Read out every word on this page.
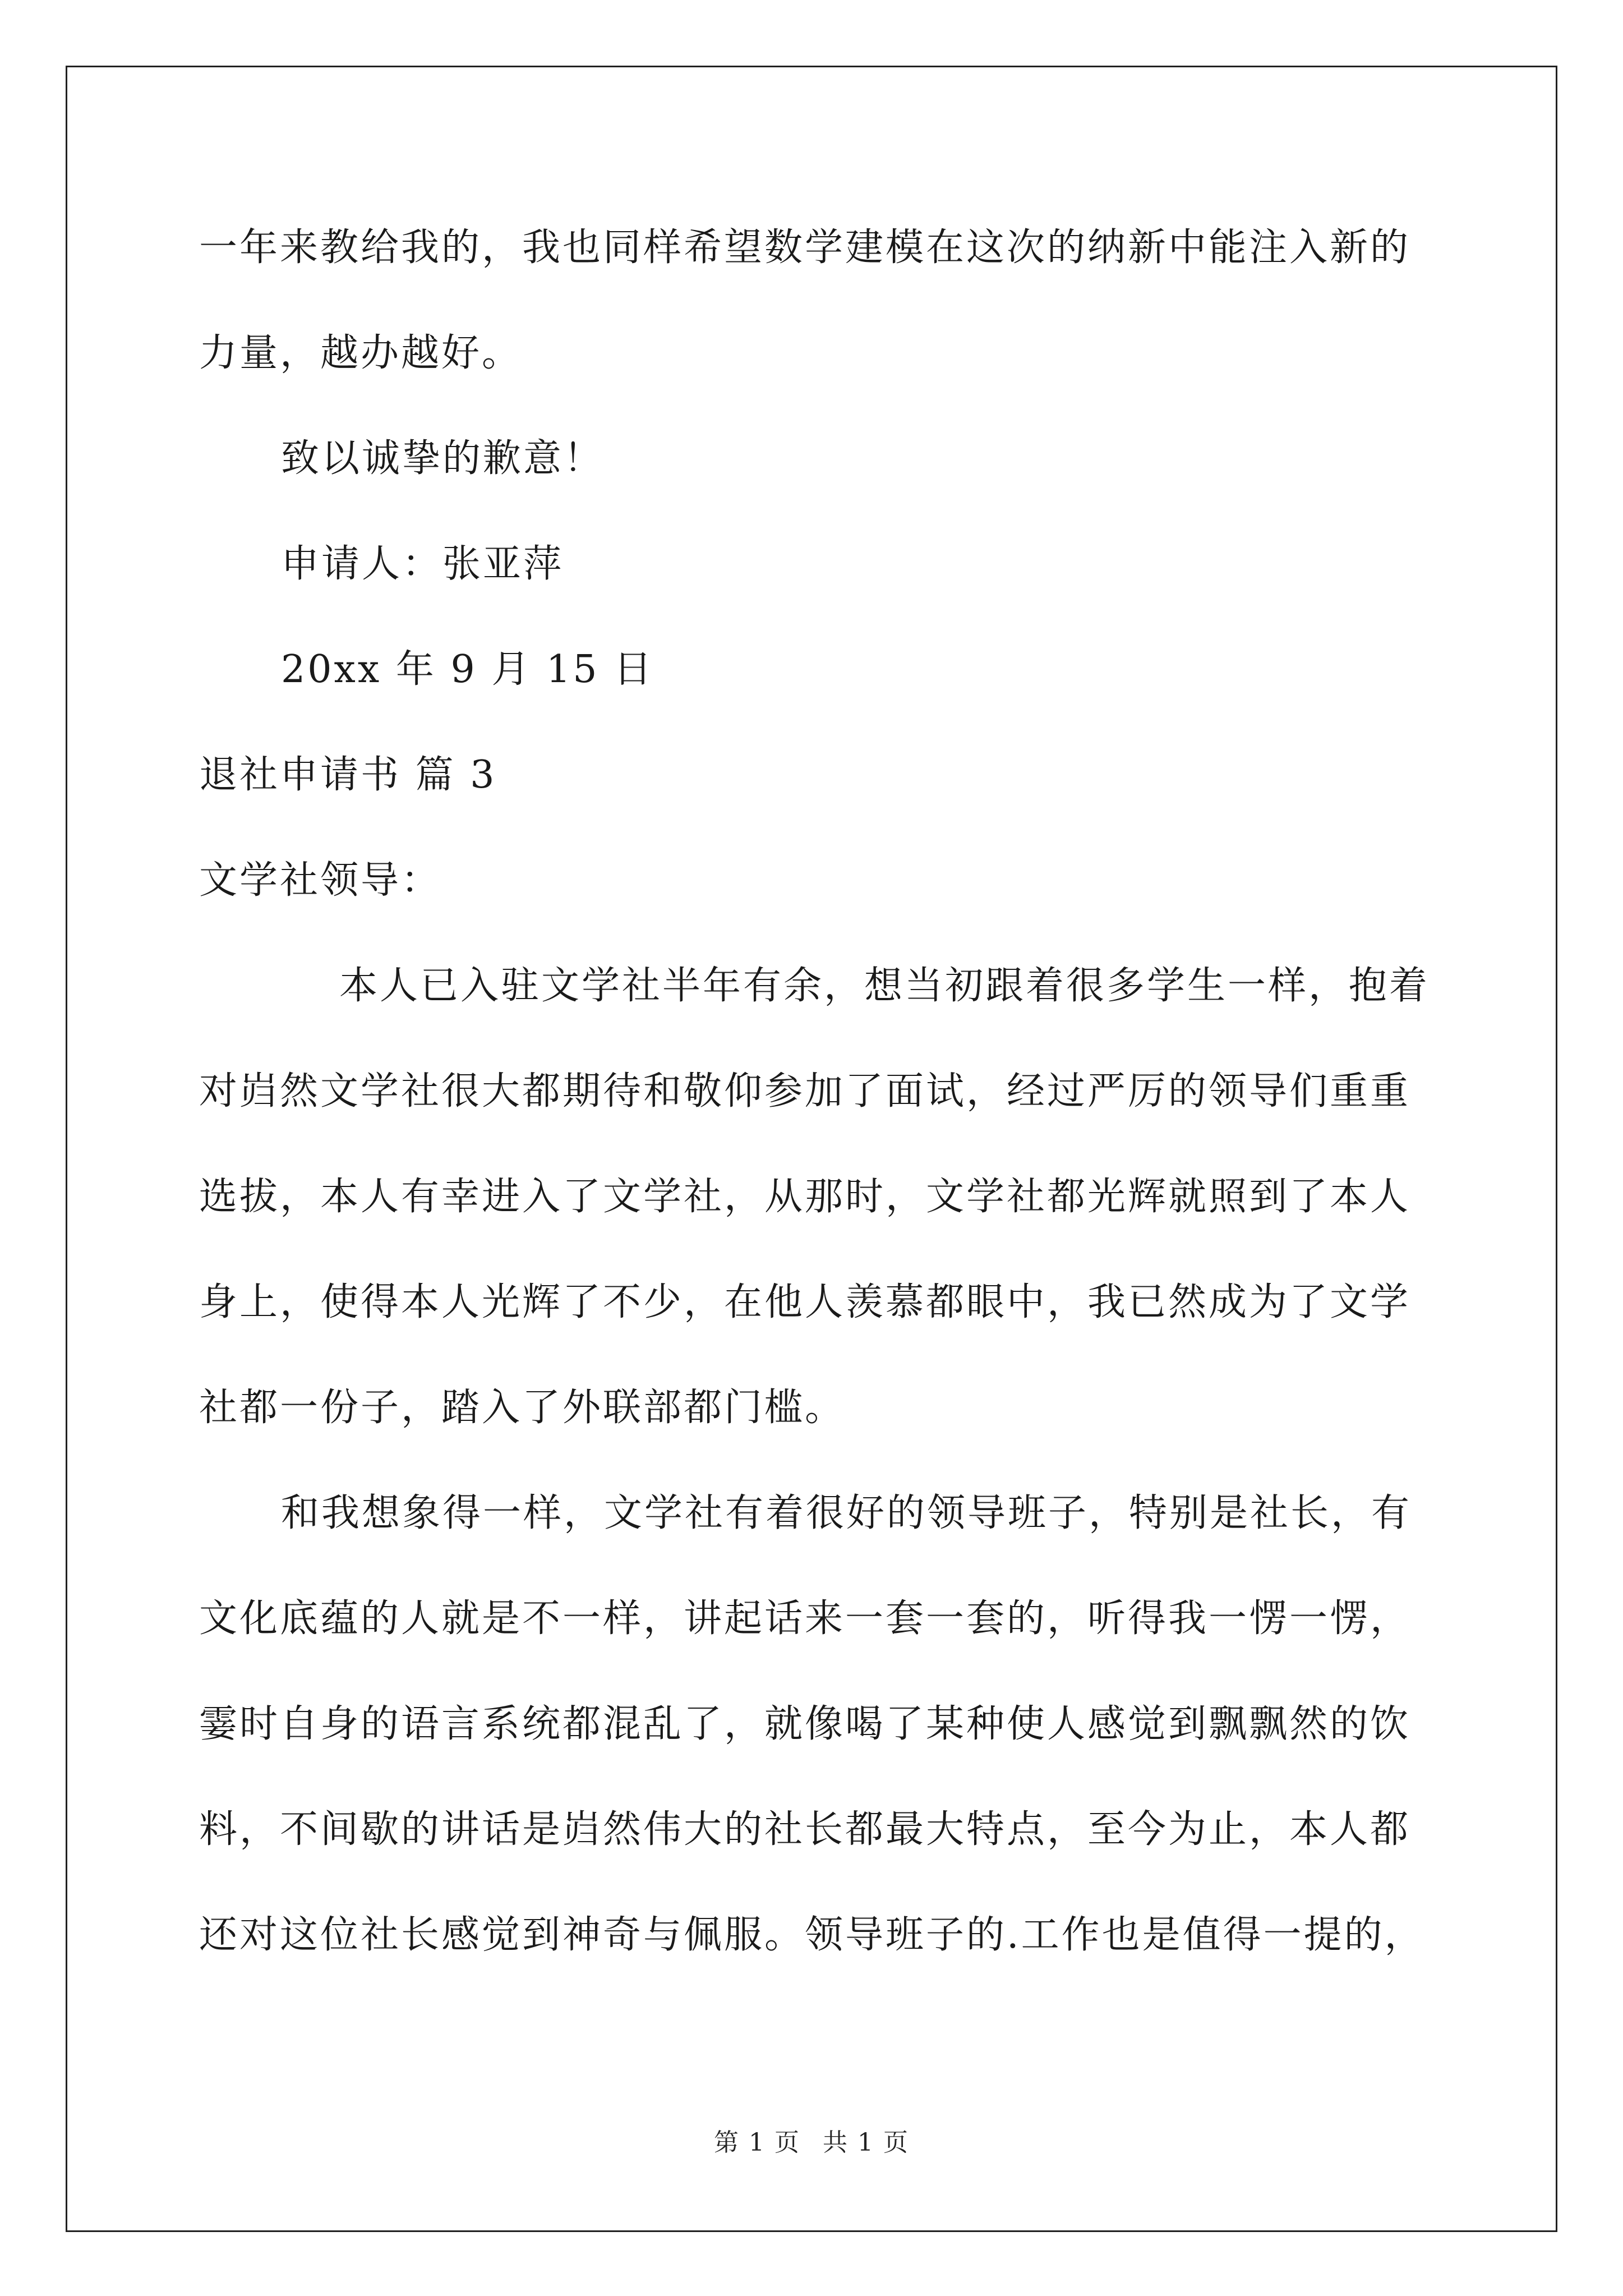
一年来教给我的，我也同样希望数学建模在这次的纳新中能注入新的
力量，越办越好。
致以诚挚的歉意！
申请人：张亚萍
20xx 年 9 月 15 日
退社申请书 篇 3
文学社领导：
本人已入驻文学社半年有余，想当初跟着很多学生一样，抱着
对岿然文学社很大都期待和敬仰参加了面试，经过严厉的领导们重重
选拔，本人有幸进入了文学社，从那时，文学社都光辉就照到了本人
身上，使得本人光辉了不少，在他人羡慕都眼中，我已然成为了文学
社都一份子，踏入了外联部都门槛。
和我想象得一样，文学社有着很好的领导班子，特别是社长，有
文化底蕴的人就是不一样，讲起话来一套一套的，听得我一愣一愣，
霎时自身的语言系统都混乱了，就像喝了某种使人感觉到飘飘然的饮
料，不间歇的讲话是岿然伟大的社长都最大特点，至今为止，本人都
还对这位社长感觉到神奇与佩服。领导班子的.工作也是值得一提的，
第 1 页 共 1 页
